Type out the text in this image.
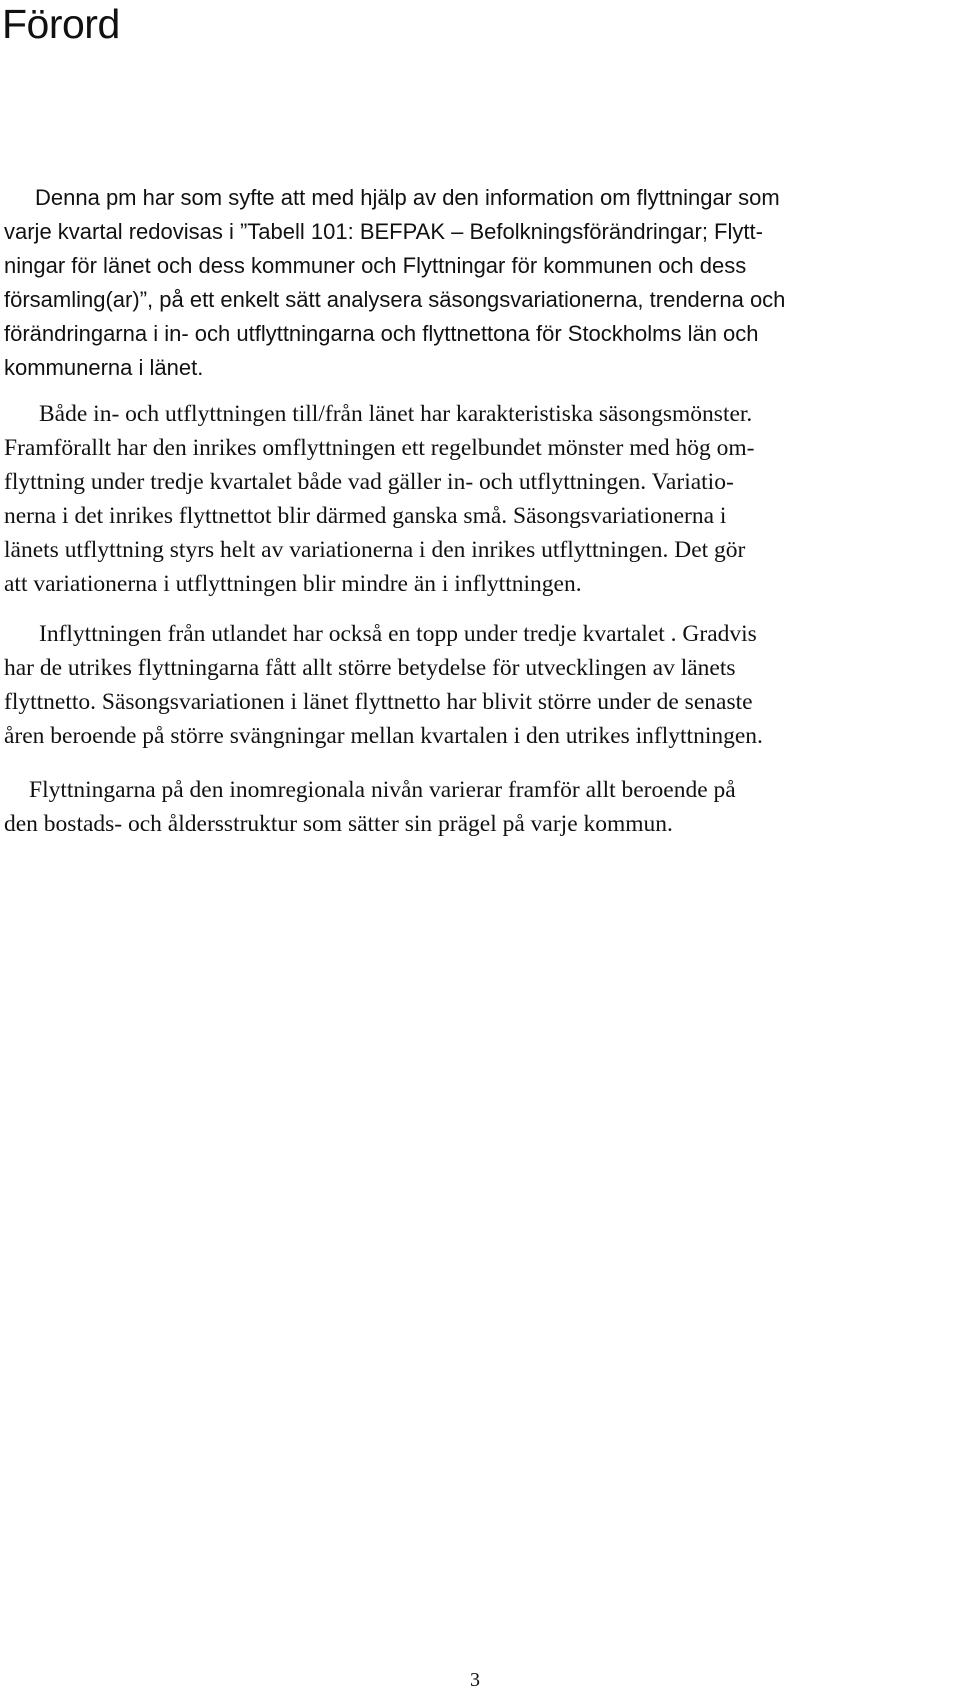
Förord
Denna pm har som syfte att med hjälp av den information om flyttningar som
varje kvartal redovisas i ”Tabell 101: BEFPAK – Befolkningsförändringar; Flytt-
ningar för länet och dess kommuner och Flyttningar för kommunen och dess
församling(ar)”, på ett enkelt sätt analysera säsongsvariationerna, trenderna och
förändringarna i in- och utflyttningarna och flyttnettona för Stockholms län och
kommunerna i länet.
Både in- och utflyttningen till/från länet har karakteristiska säsongsmönster.
Framförallt har den inrikes omflyttningen ett regelbundet mönster med hög om-
flyttning under tredje kvartalet både vad gäller in- och utflyttningen. Variatio-
nerna i det inrikes flyttnettot blir därmed ganska små. Säsongsvariationerna i
länets utflyttning styrs helt av variationerna i den inrikes utflyttningen. Det gör
att variationerna i utflyttningen blir mindre än i inflyttningen.
Inflyttningen från utlandet har också en topp under tredje kvartalet . Gradvis
har de utrikes flyttningarna fått allt större betydelse för utvecklingen av länets
flyttnetto. Säsongsvariationen i länet flyttnetto har blivit större under de senaste
åren beroende på större svängningar mellan kvartalen i den utrikes inflyttningen.
Flyttningarna på den inomregionala nivån varierar framför allt beroende på
den bostads- och åldersstruktur som sätter sin prägel på varje kommun.

3
